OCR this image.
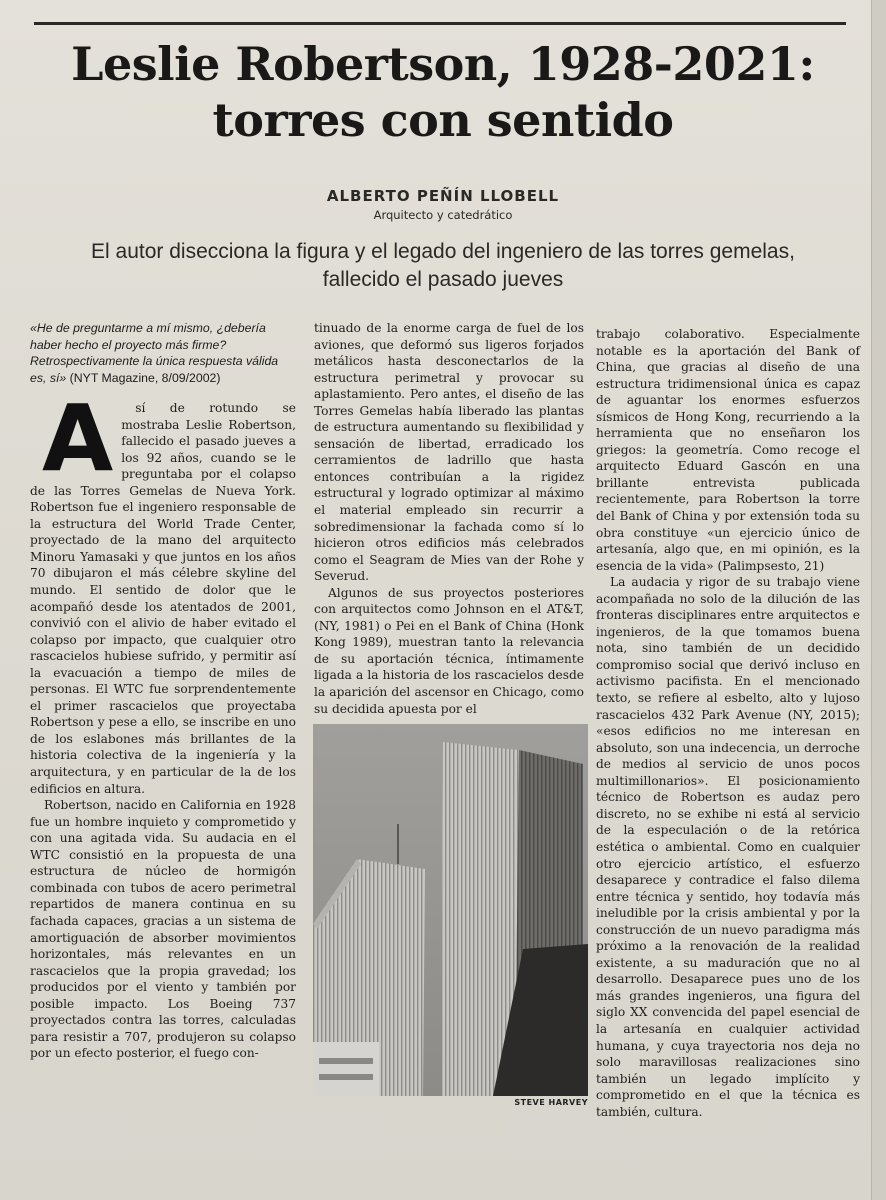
Leslie Robertson, 1928-2021:
torres con sentido
ALBERTO PEÑÍN LLOBELL
Arquitecto y catedrático
El autor disecciona la figura y el legado del ingeniero de las torres gemelas,
fallecido el pasado jueves

«He de preguntarme a mí mismo, ¿debería haber hecho el proyecto más firme? Retrospectivamente la única respuesta válida es, sí» (NYT Magazine, 8/09/2002)

A sí de rotundo se mostraba Leslie Robertson, fallecido el pasado jueves a los 92 años, cuando se le preguntaba por el colapso de las Torres Gemelas de Nueva York. Robertson fue el ingeniero responsable de la estructura del World Trade Center, proyectado de la mano del arquitecto Minoru Yamasaki y que juntos en los años 70 dibujaron el más célebre skyline del mundo. El sentido de dolor que le acompañó desde los atentados de 2001, convivió con el alivio de haber evitado el colapso por impacto, que cualquier otro rascacielos hubiese sufrido, y permitir así la evacuación a tiempo de miles de personas. El WTC fue sorprendentemente el primer rascacielos que proyectaba Robertson y pese a ello, se inscribe en uno de los eslabones más brillantes de la historia colectiva de la ingeniería y la arquitectura, y en particular de la de los edificios en altura.

Robertson, nacido en California en 1928 fue un hombre inquieto y comprometido y con una agitada vida. Su audacia en el WTC consistió en la propuesta de una estructura de núcleo de hormigón combinada con tubos de acero perimetral repartidos de manera continua en su fachada capaces, gracias a un sistema de amortiguación de absorber movimientos horizontales, más relevantes en un rascacielos que la propia gravedad; los producidos por el viento y también por posible impacto. Los Boeing 737 proyectados contra las torres, calculadas para resistir a 707, produjeron su colapso por un efecto posterior, el fuego con-

tinuado de la enorme carga de fuel de los aviones, que deformó sus ligeros forjados metálicos hasta desconectarlos de la estructura perimetral y provocar su aplastamiento. Pero antes, el diseño de las Torres Gemelas había liberado las plantas de estructura aumentando su flexibilidad y sensación de libertad, erradicado los cerramientos de ladrillo que hasta entonces contribuían a la rigidez estructural y logrado optimizar al máximo el material empleado sin recurrir a sobredimensionar la fachada como sí lo hicieron otros edificios más celebrados como el Seagram de Mies van der Rohe y Severud.

Algunos de sus proyectos posteriores con arquitectos como Johnson en el AT&T, (NY, 1981) o Pei en el Bank of China (Honk Kong 1989), muestran tanto la relevancia de su aportación técnica, íntimamente ligada a la historia de los rascacielos desde la aparición del ascensor en Chicago, como su decidida apuesta por el

STEVE HARVEY

trabajo colaborativo. Especialmente notable es la aportación del Bank of China, que gracias al diseño de una estructura tridimensional única es capaz de aguantar los enormes esfuerzos sísmicos de Hong Kong, recurriendo a la herramienta que no enseñaron los griegos: la geometría. Como recoge el arquitecto Eduard Gascón en una brillante entrevista publicada recientemente, para Robertson la torre del Bank of China y por extensión toda su obra constituye «un ejercicio único de artesanía, algo que, en mi opinión, es la esencia de la vida» (Palimpsesto, 21)

La audacia y rigor de su trabajo viene acompañada no solo de la dilución de las fronteras disciplinares entre arquitectos e ingenieros, de la que tomamos buena nota, sino también de un decidido compromiso social que derivó incluso en activismo pacifista. En el mencionado texto, se refiere al esbelto, alto y lujoso rascacielos 432 Park Avenue (NY, 2015); «esos edificios no me interesan en absoluto, son una indecencia, un derroche de medios al servicio de unos pocos multimillonarios». El posicionamiento técnico de Robertson es audaz pero discreto, no se exhibe ni está al servicio de la especulación o de la retórica estética o ambiental. Como en cualquier otro ejercicio artístico, el esfuerzo desaparece y contradice el falso dilema entre técnica y sentido, hoy todavía más ineludible por la crisis ambiental y por la construcción de un nuevo paradigma más próximo a la renovación de la realidad existente, a su maduración que no al desarrollo. Desaparece pues uno de los más grandes ingenieros, una figura del siglo XX convencida del papel esencial de la artesanía en cualquier actividad humana, y cuya trayectoria nos deja no solo maravillosas realizaciones sino también un legado implícito y comprometido en el que la técnica es también, cultura.
